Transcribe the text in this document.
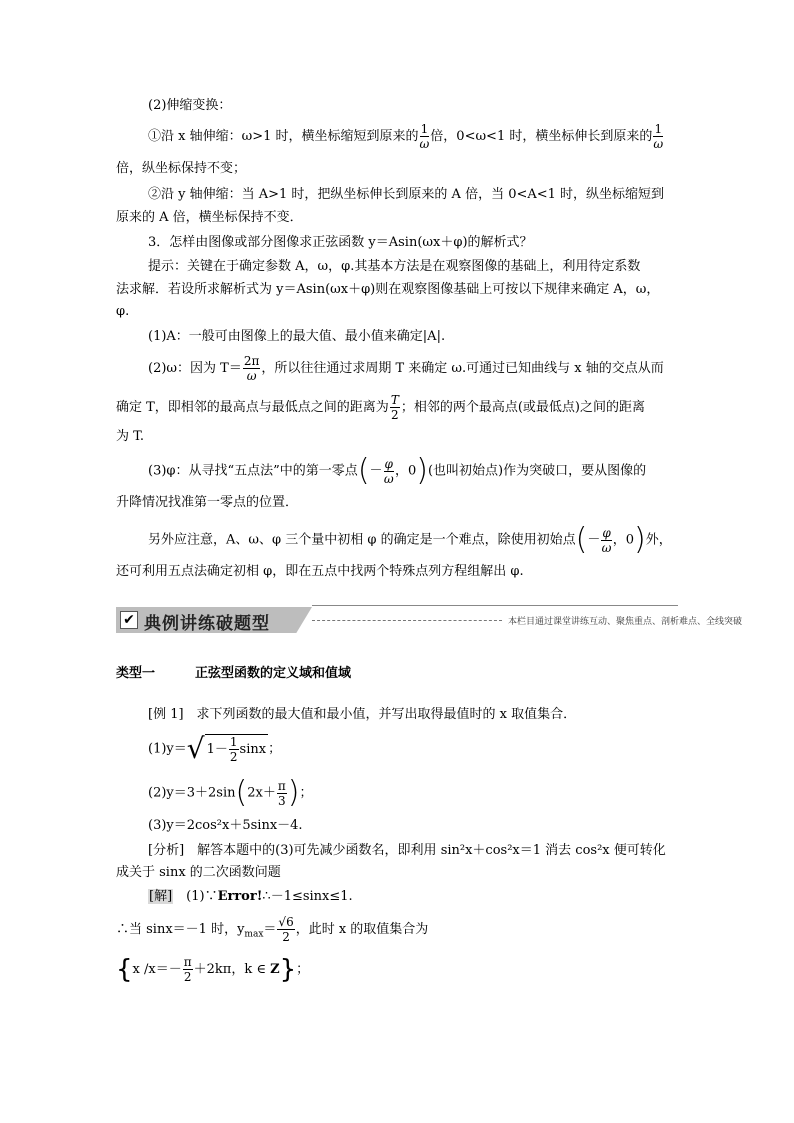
(2)伸缩变换：
①沿 x 轴伸缩：ω>1 时，横坐标缩短到原来的 $\frac{1}{\omega}$ 倍，0<ω<1 时，横坐标伸长到原来的 $\frac{1}{\omega}$
倍，纵坐标保持不变；
②沿 y 轴伸缩：当 A>1 时，把纵坐标伸长到原来的 A 倍，当 0<A<1 时，纵坐标缩短到
原来的 A 倍，横坐标保持不变．
3．怎样由图像或部分图像求正弦函数 y＝Asin(ωx＋φ)的解析式？
提示：关键在于确定参数 A，ω，φ.其基本方法是在观察图像的基础上，利用待定系数
法求解．若设所求解析式为 y＝Asin(ωx＋φ)则在观察图像基础上可按以下规律来确定 A，ω，
φ.
(1)A：一般可由图像上的最大值、最小值来确定|A|.
(2)ω：因为 $T= \frac{2\pi}{\omega}$ ，所以往往通过求周期 T 来确定 ω.可通过已知曲线与 x 轴的交点从而
确定 T，即相邻的最高点与最低点之间的距离为 $\frac{T}{2}$ ；相邻的两个最高点(或最低点)之间的距离
为 T.
(3)φ：从寻找“五点法”中的第一零点(－ $\frac{\varphi}{\omega}$ ，0)(也叫初始点)作为突破口，要从图像的
升降情况找准第一零点的位置．
另外应注意，A、ω、φ 三个量中初相 φ 的确定是一个难点，除使用初始点(－ $\frac{\varphi}{\omega}$ ，0)外，
还可利用五点法确定初相 φ，即在五点中找两个特殊点列方程组解出 φ.
✔ 典例讲练破题型	本栏目通过课堂讲练互动、聚焦重点、剖析难点、全线突破
类型一	正弦型函数的定义域和值域
[例 1]　求下列函数的最大值和最小值，并写出取得最值时的 x 取值集合．
(1)y＝√ $1- \frac{1}{2}$ sinx ；
$(2)y=3+2\sin(2x+ \frac{\pi}{3}$ )；
(3)y＝2cos²x＋5sinx－4.
[分析]　解答本题中的(3)可先减少函数名，即利用 sin²x＋cos²x＝1 消去 cos²x 便可转化
成关于 sinx 的二次函数问题
[解]　(1)∵Error!∴－1≤sinx≤1.
∴当 sinx＝－1 时，$y_{max}= \frac{√6}{2}$ ，此时 x 的取值集合为
{x $/x=- \frac{\pi}{2} +2k\pi$，k ∈ Z}；
